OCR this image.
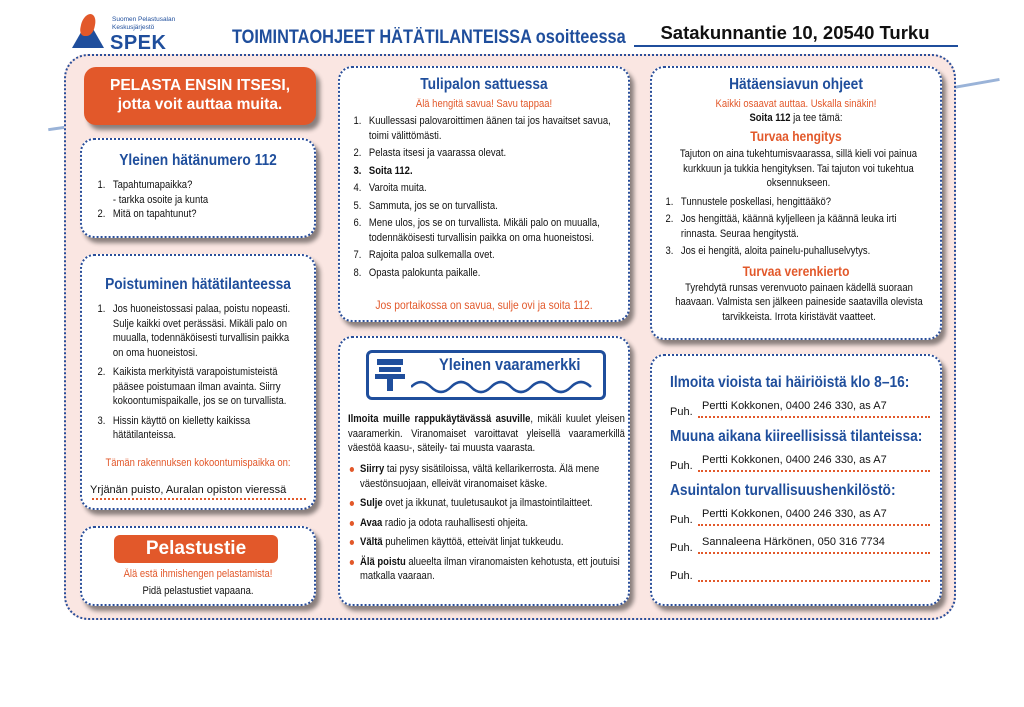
Suomen Pelastusalan Keskusjärjestö
SPEK	TOIMINTAOHJEET HÄTÄTILANTEISSA osoitteessa	Satakunnantie 10, 20540 Turku
PELASTA ENSIN ITSESI,
jotta voit auttaa muita.
Yleinen hätänumero 112
1. Tapahtumapaikka?
- tarkka osoite ja kunta
2. Mitä on tapahtunut?
Poistuminen hätätilanteessa
1. Jos huoneistossasi palaa, poistu nopeasti. Sulje kaikki ovet perässäsi. Mikäli palo on muualla, todennäköisesti turvallisin paikka on oma huoneistosi.
2. Kaikista merkityistä varapoistumisteistä pääsee poistumaan ilman avainta. Siirry kokoontumispaikalle, jos se on turvallista.
3. Hissin käyttö on kielletty kaikissa hätätilanteissa.
Tämän rakennuksen kokoontumispaikka on:
Yrjänän puisto, Auralan opiston vieressä
Pelastustie
Älä estä ihmishengen pelastamista!
Pidä pelastustiet vapaana.
Tulipalon sattuessa
Älä hengitä savua! Savu tappaa!
1. Kuullessasi palovaroittimen äänen tai jos havaitset savua, toimi välittömästi.
2. Pelasta itsesi ja vaarassa olevat.
3. Soita 112.
4. Varoita muita.
5. Sammuta, jos se on turvallista.
6. Mene ulos, jos se on turvallista. Mikäli palo on muualla, todennäköisesti turvallisin paikka on oma huoneistosi.
7. Rajoita paloa sulkemalla ovet.
8. Opasta palokunta paikalle.
Jos portaikossa on savua, sulje ovi ja soita 112.
Yleinen vaaramerkki
Ilmoita muille rappukäytävässä asuville, mikäli kuulet yleisen vaaramerkin. Viranomaiset varoittavat yleisellä vaaramerkillä väestöä kaasu-, säteily- tai muusta vaarasta.
Siirry tai pysy sisätiloissa, vältä kellarikerrosta. Älä mene väestönsuojaan, elleivät viranomaiset käske.
Sulje ovet ja ikkunat, tuuletusaukot ja ilmastointilaitteet.
Avaa radio ja odota rauhallisesti ohjeita.
Vältä puhelimen käyttöä, etteivät linjat tukkeudu.
Älä poistu alueelta ilman viranomaisten kehotusta, ett joutuisi matkalla vaaraan.
Hätäensiavun ohjeet
Kaikki osaavat auttaa. Uskalla sinäkin!
Soita 112 ja tee tämä:
Turvaa hengitys
Tajuton on aina tukehtumisvaarassa, sillä kieli voi painua kurkkuun ja tukkia hengityksen. Tai tajuton voi tukehtua oksennukseen.
1. Tunnustele poskellasi, hengittääkö?
2. Jos hengittää, käännä kyljelleen ja käännä leuka irti rinnasta. Seuraa hengitystä.
3. Jos ei hengitä, aloita painelu-puhalluselvytys.
Turvaa verenkierto
Tyrehdytä runsas verenvuoto painaen kädellä suoraan haavaan. Valmista sen jälkeen paineside saatavilla olevista tarvikkeista. Irrota kiristävät vaatteet.
Ilmoita vioista tai häiriöistä klo 8–16:
Puh. Pertti Kokkonen, 0400 246 330, as A7
Muuna aikana kiireellisissä tilanteissa:
Puh. Pertti Kokkonen, 0400 246 330, as A7
Asuintalon turvallisuushenkilöstö:
Puh. Pertti Kokkonen, 0400 246 330, as A7
Puh. Sannaleena Härkönen, 050 316 7734
Puh.
